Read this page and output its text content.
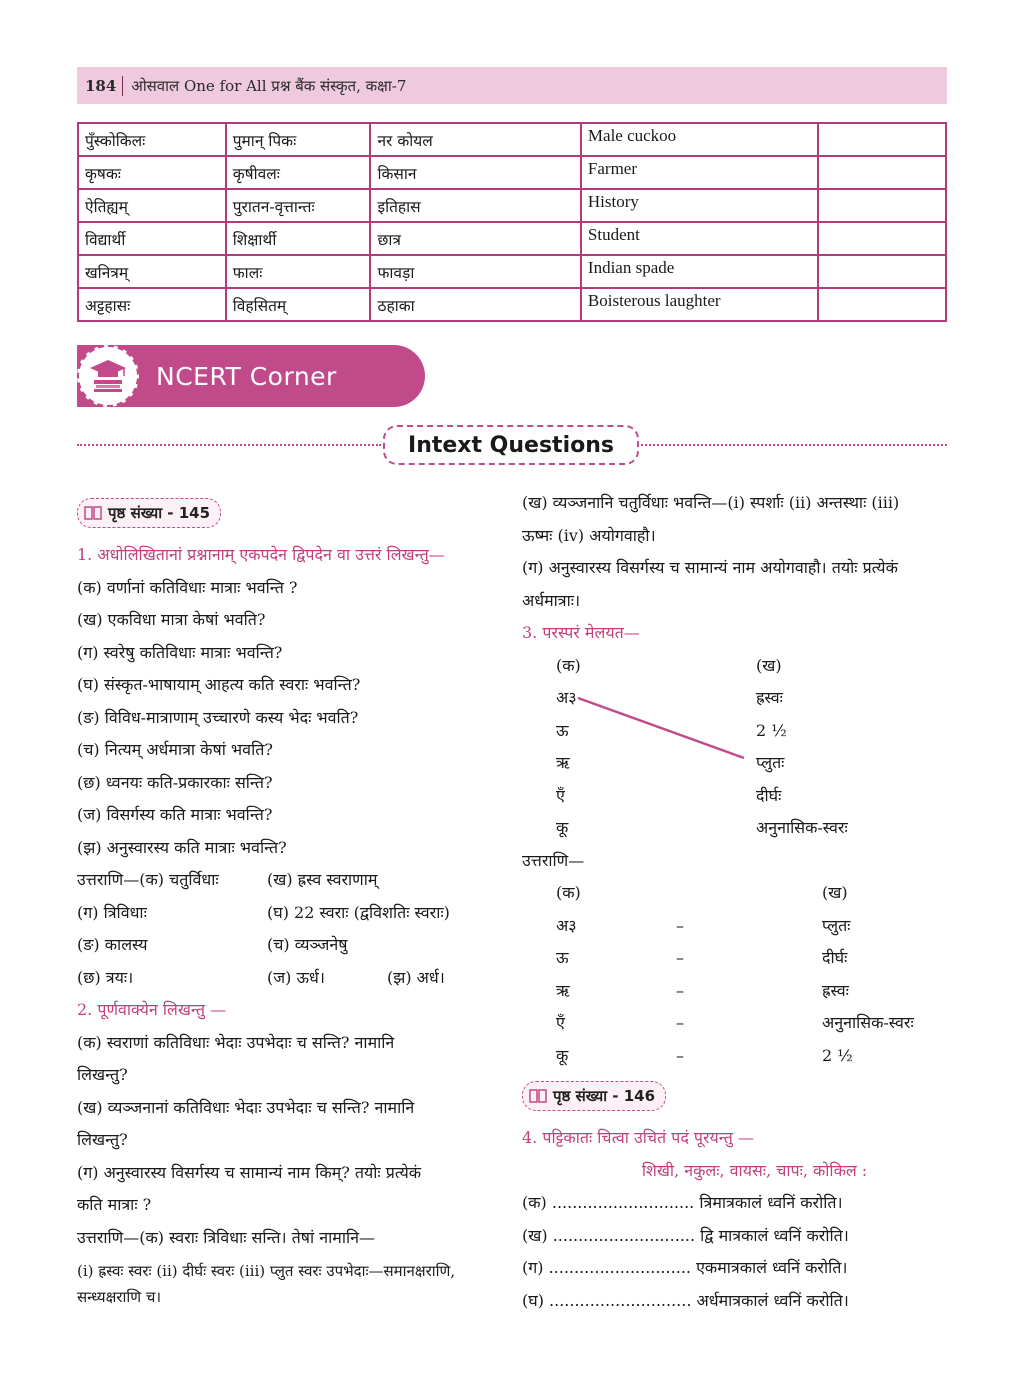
184	ओसवाल One for All प्रश्न बैंक संस्कृत, कक्षा-7
पुँस्कोकिलः	पुमान् पिकः	नर कोयल	Male cuckoo	
कृषकः	कृषीवलः	किसान	Farmer	
ऐतिह्यम्	पुरातन-वृत्तान्तः	इतिहास	History	
विद्यार्थी	शिक्षार्थी	छात्र	Student	
खनित्रम्	फालः	फावड़ा	Indian spade	
अट्टहासः	विहसितम्	ठहाका	Boisterous laughter	
NCERT Corner
Intext Questions
पृष्ठ संख्या - 145
1. अधोलिखितानां प्रश्नानाम् एकपदेन द्विपदेन वा उत्तरं लिखन्तु—
(क) वर्णानां कतिविधाः मात्राः भवन्ति ?
(ख) एकविधा मात्रा केषां भवति?
(ग) स्वरेषु कतिविधाः मात्राः भवन्ति?
(घ) संस्कृत-भाषायाम् आहत्य कति स्वराः भवन्ति?
(ङ) विविध-मात्राणाम् उच्चारणे कस्य भेदः भवति?
(च) नित्यम् अर्धमात्रा केषां भवति?
(छ) ध्वनयः कति-प्रकारकाः सन्ति?
(ज) विसर्गस्य कति मात्राः भवन्ति?
(झ) अनुस्वारस्य कति मात्राः भवन्ति?
उत्तराणि—(क) चतुर्विधाः	(ख) ह्रस्व स्वराणाम्
(ग) त्रिविधाः	(घ) 22 स्वराः (द्वविशतिः स्वराः)
(ङ) कालस्य	(च) व्यञ्जनेषु
(छ) त्रयः।	(ज) ऊर्ध।	(झ) अर्ध।
2. पूर्णवाक्येन लिखन्तु —
(क) स्वराणां कतिविधाः भेदाः उपभेदाः च सन्ति? नामानि
लिखन्तु?
(ख) व्यञ्जनानां कतिविधाः भेदाः उपभेदाः च सन्ति? नामानि
लिखन्तु?
(ग) अनुस्वारस्य विसर्गस्य च सामान्यं नाम किम्? तयोः प्रत्येकं
कति मात्राः ?
उत्तराणि—(क) स्वराः त्रिविधाः सन्ति। तेषां नामानि—
(i) ह्रस्वः स्वरः (ii) दीर्घः स्वरः (iii) प्लुत स्वरः उपभेदाः—समानक्षराणि,
सन्ध्यक्षराणि च।
(ख) व्यञ्जनानि चतुर्विधाः भवन्ति—(i) स्पर्शाः (ii) अन्तस्थाः (iii)
ऊष्मः (iv) अयोगवाहौ।
(ग) अनुस्वारस्य विसर्गस्य च सामान्यं नाम अयोगवाहौ। तयोः प्रत्येकं
अर्धमात्राः।
3. परस्परं मेलयत—
(क)	(ख)
अ३	ह्रस्वः
ऊ	2 ½
ऋ	प्लुतः
एँ	दीर्घः
कू	अनुनासिक-स्वरः
उत्तराणि—
(क)	(ख)
अ३	–	प्लुतः
ऊ	–	दीर्घः
ऋ	–	ह्रस्वः
एँ	–	अनुनासिक-स्वरः
कू	–	2 ½
पृष्ठ संख्या - 146
4. पट्टिकातः चित्वा उचितं पदं पूरयन्तु —
शिखी, नकुलः, वायसः, चापः, कोकिल :
(क) ............................ त्रिमात्रकालं ध्वनिं करोति।
(ख) ............................ द्वि मात्रकालं ध्वनिं करोति।
(ग) ............................ एकमात्रकालं ध्वनिं करोति।
(घ) ............................ अर्धमात्रकालं ध्वनिं करोति।
